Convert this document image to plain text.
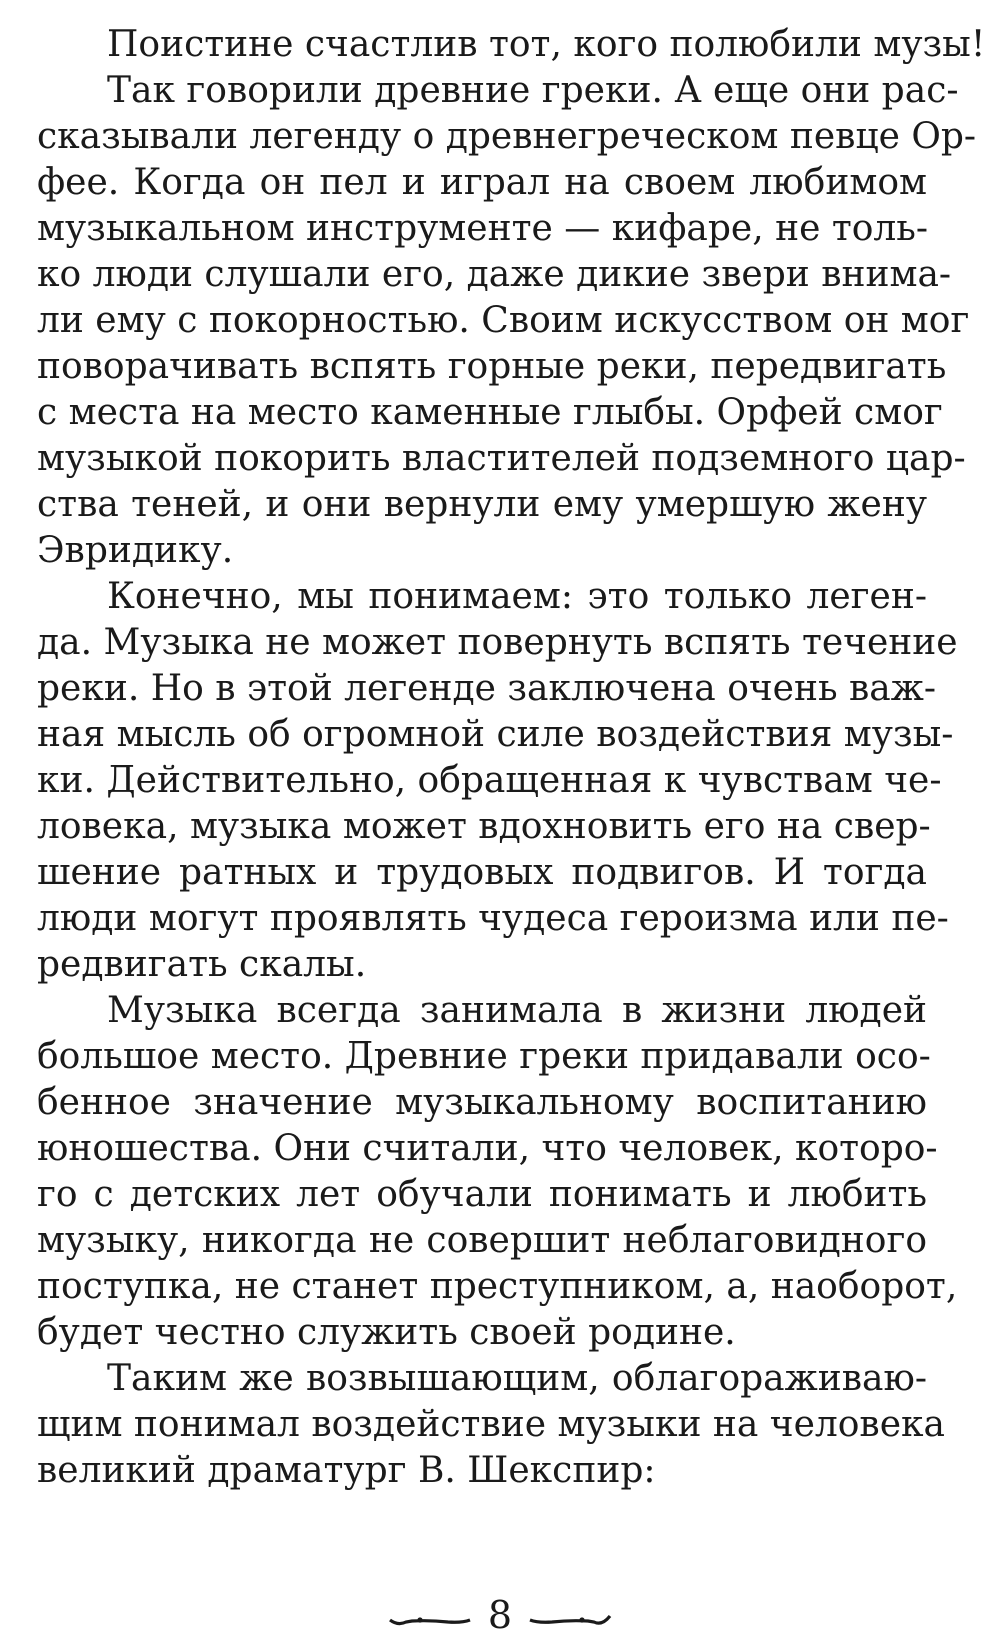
Поистине счастлив тот, кого полюбили музы!
Так говорили древние греки. А еще они рас-
сказывали легенду о древнегреческом певце Ор-
фее. Когда он пел и играл на своем любимом
музыкальном инструменте — кифаре, не толь-
ко люди слушали его, даже дикие звери внима-
ли ему с покорностью. Своим искусством он мог
поворачивать вспять горные реки, передвигать
с места на место каменные глыбы. Орфей смог
музыкой покорить властителей подземного цар-
ства теней, и они вернули ему умершую жену
Эвридику.
Конечно, мы понимаем: это только леген-
да. Музыка не может повернуть вспять течение
реки. Но в этой легенде заключена очень важ-
ная мысль об огромной силе воздействия музы-
ки. Действительно, обращенная к чувствам че-
ловека, музыка может вдохновить его на свер-
шение ратных и трудовых подвигов. И тогда
люди могут проявлять чудеса героизма или пе-
редвигать скалы.
Музыка всегда занимала в жизни людей
большое место. Древние греки придавали осо-
бенное значение музыкальному воспитанию
юношества. Они считали, что человек, которо-
го с детских лет обучали понимать и любить
музыку, никогда не совершит неблаговидного
поступка, не станет преступником, а, наоборот,
будет честно служить своей родине.
Таким же возвышающим, облагораживаю-
щим понимал воздействие музыки на человека
великий драматург В. Шекспир:
8
